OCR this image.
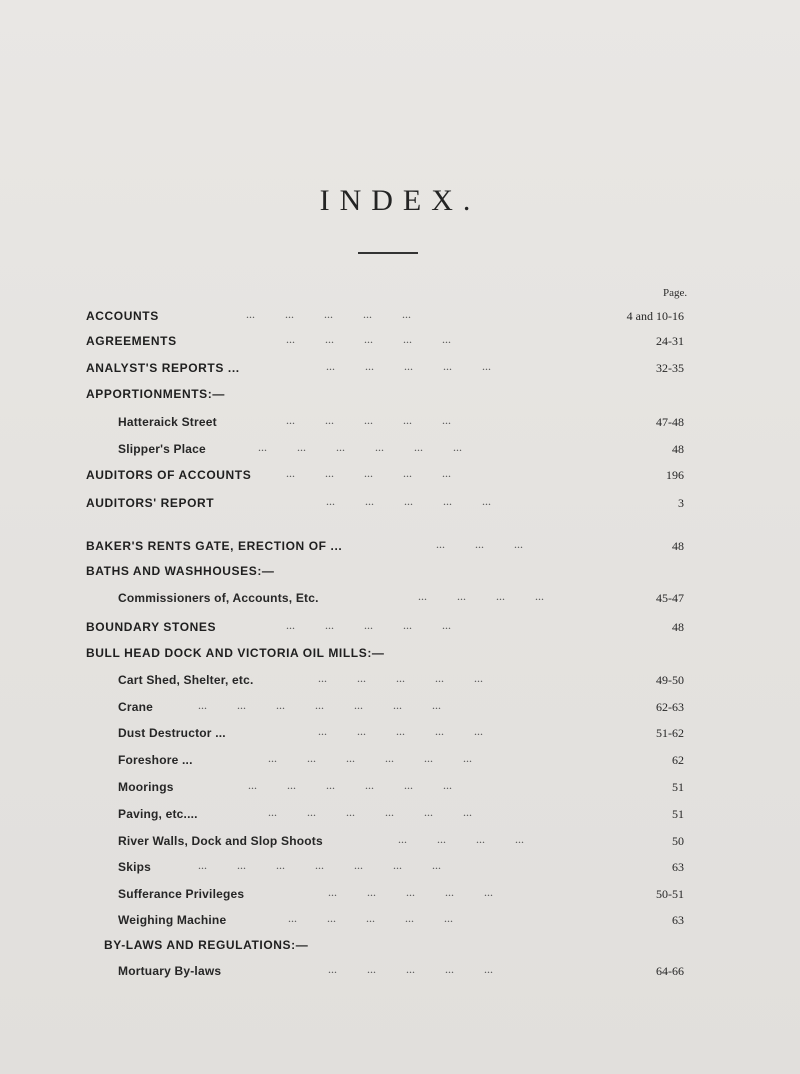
INDEX.
Page.
ACCOUNTS	...          ...          ...          ...          ...	4 and 10-16
AGREEMENTS	...          ...          ...          ...          ...	24-31
ANALYST'S REPORTS ...	...          ...          ...          ...          ...	32-35
APPORTIONMENTS:—
Hatteraick Street	...          ...          ...          ...          ...	47-48
Slipper's Place	...          ...          ...          ...          ...          ...	48
AUDITORS OF ACCOUNTS	...          ...          ...          ...          ...	196
AUDITORS' REPORT	...          ...          ...          ...          ...	3
BAKER'S RENTS GATE, ERECTION OF ...	...          ...          ...	48
BATHS AND WASHHOUSES:—
Commissioners of, Accounts, Etc.	...          ...          ...          ...	45-47
BOUNDARY STONES	...          ...          ...          ...          ...	48
BULL HEAD DOCK AND VICTORIA OIL MILLS:—
Cart Shed, Shelter, etc.	...          ...          ...          ...          ...	49-50
Crane	...          ...          ...          ...          ...          ...          ...	62-63
Dust Destructor ...	...          ...          ...          ...          ...	51-62
Foreshore ...	...          ...          ...          ...          ...          ...	62
Moorings	...          ...          ...          ...          ...          ...	51
Paving, etc....	...          ...          ...          ...          ...          ...	51
River Walls, Dock and Slop Shoots	...          ...          ...          ...	50
Skips	...          ...          ...          ...          ...          ...          ...	63
Sufferance Privileges	...          ...          ...          ...          ...	50-51
Weighing Machine	...          ...          ...          ...          ...	63
BY-LAWS AND REGULATIONS:—
Mortuary By-laws	...          ...          ...          ...          ...	64-66
